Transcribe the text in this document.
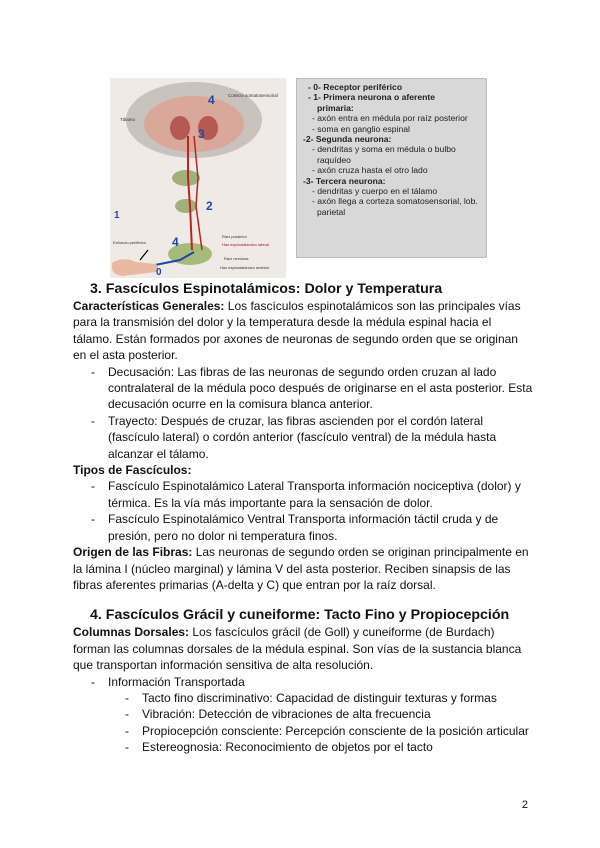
Corteza somatosensorial
Tálamo
Estímulo periférico
Raíz posterior
Haz espinotalámico lateral
Raíz nerviosa
Haz espinotalámico anterior
4
3
2
4
1
0

- 0- Receptor periférico

- 1- Primera neurona o aferente

primaria:

- axón entra en médula por raíz posterior

- soma en ganglio espinal

-2- Segunda neurona:

- dendritas y soma en médula o bulbo raquídeo

- axón cruza hasta el otro lado

-3- Tercera neurona:

- dendritas y cuerpo en el tálamo

- axón llega a corteza somatosensorial, lob. parietal

3. Fascículos Espinotalámicos: Dolor y Temperatura

Características Generales: Los fascículos espinotalámicos son las principales vías para la transmisión del dolor y la temperatura desde la médula espinal hacia el tálamo. Están formados por axones de neuronas de segundo orden que se originan en el asta posterior.

- Decusación: Las fibras de las neuronas de segundo orden cruzan al lado contralateral de la médula poco después de originarse en el asta posterior. Esta decusación ocurre en la comisura blanca anterior.

- Trayecto: Después de cruzar, las fibras ascienden por el cordón lateral (fascículo lateral) o cordón anterior (fascículo ventral) de la médula hasta alcanzar el tálamo.

Tipos de Fascículos:

- Fascículo Espinotalámico Lateral Transporta información nociceptiva (dolor) y térmica. Es la vía más importante para la sensación de dolor.

- Fascículo Espinotalámico Ventral Transporta información táctil cruda y de presión, pero no dolor ni temperatura finos.

Origen de las Fibras: Las neuronas de segundo orden se originan principalmente en la lámina I (núcleo marginal) y lámina V del asta posterior. Reciben sinapsis de las fibras aferentes primarias (A-delta y C) que entran por la raíz dorsal.

4. Fascículos Grácil y cuneiforme: Tacto Fino y Propiocepción

Columnas Dorsales: Los fascículos grácil (de Goll) y cuneiforme (de Burdach) forman las columnas dorsales de la médula espinal. Son vías de la sustancia blanca que transportan información sensitiva de alta resolución.

- Información Transportada

- Tacto fino discriminativo: Capacidad de distinguir texturas y formas

- Vibración: Detección de vibraciones de alta frecuencia

- Propiocepción consciente: Percepción consciente de la posición articular

- Estereognosia: Reconocimiento de objetos por el tacto

2
